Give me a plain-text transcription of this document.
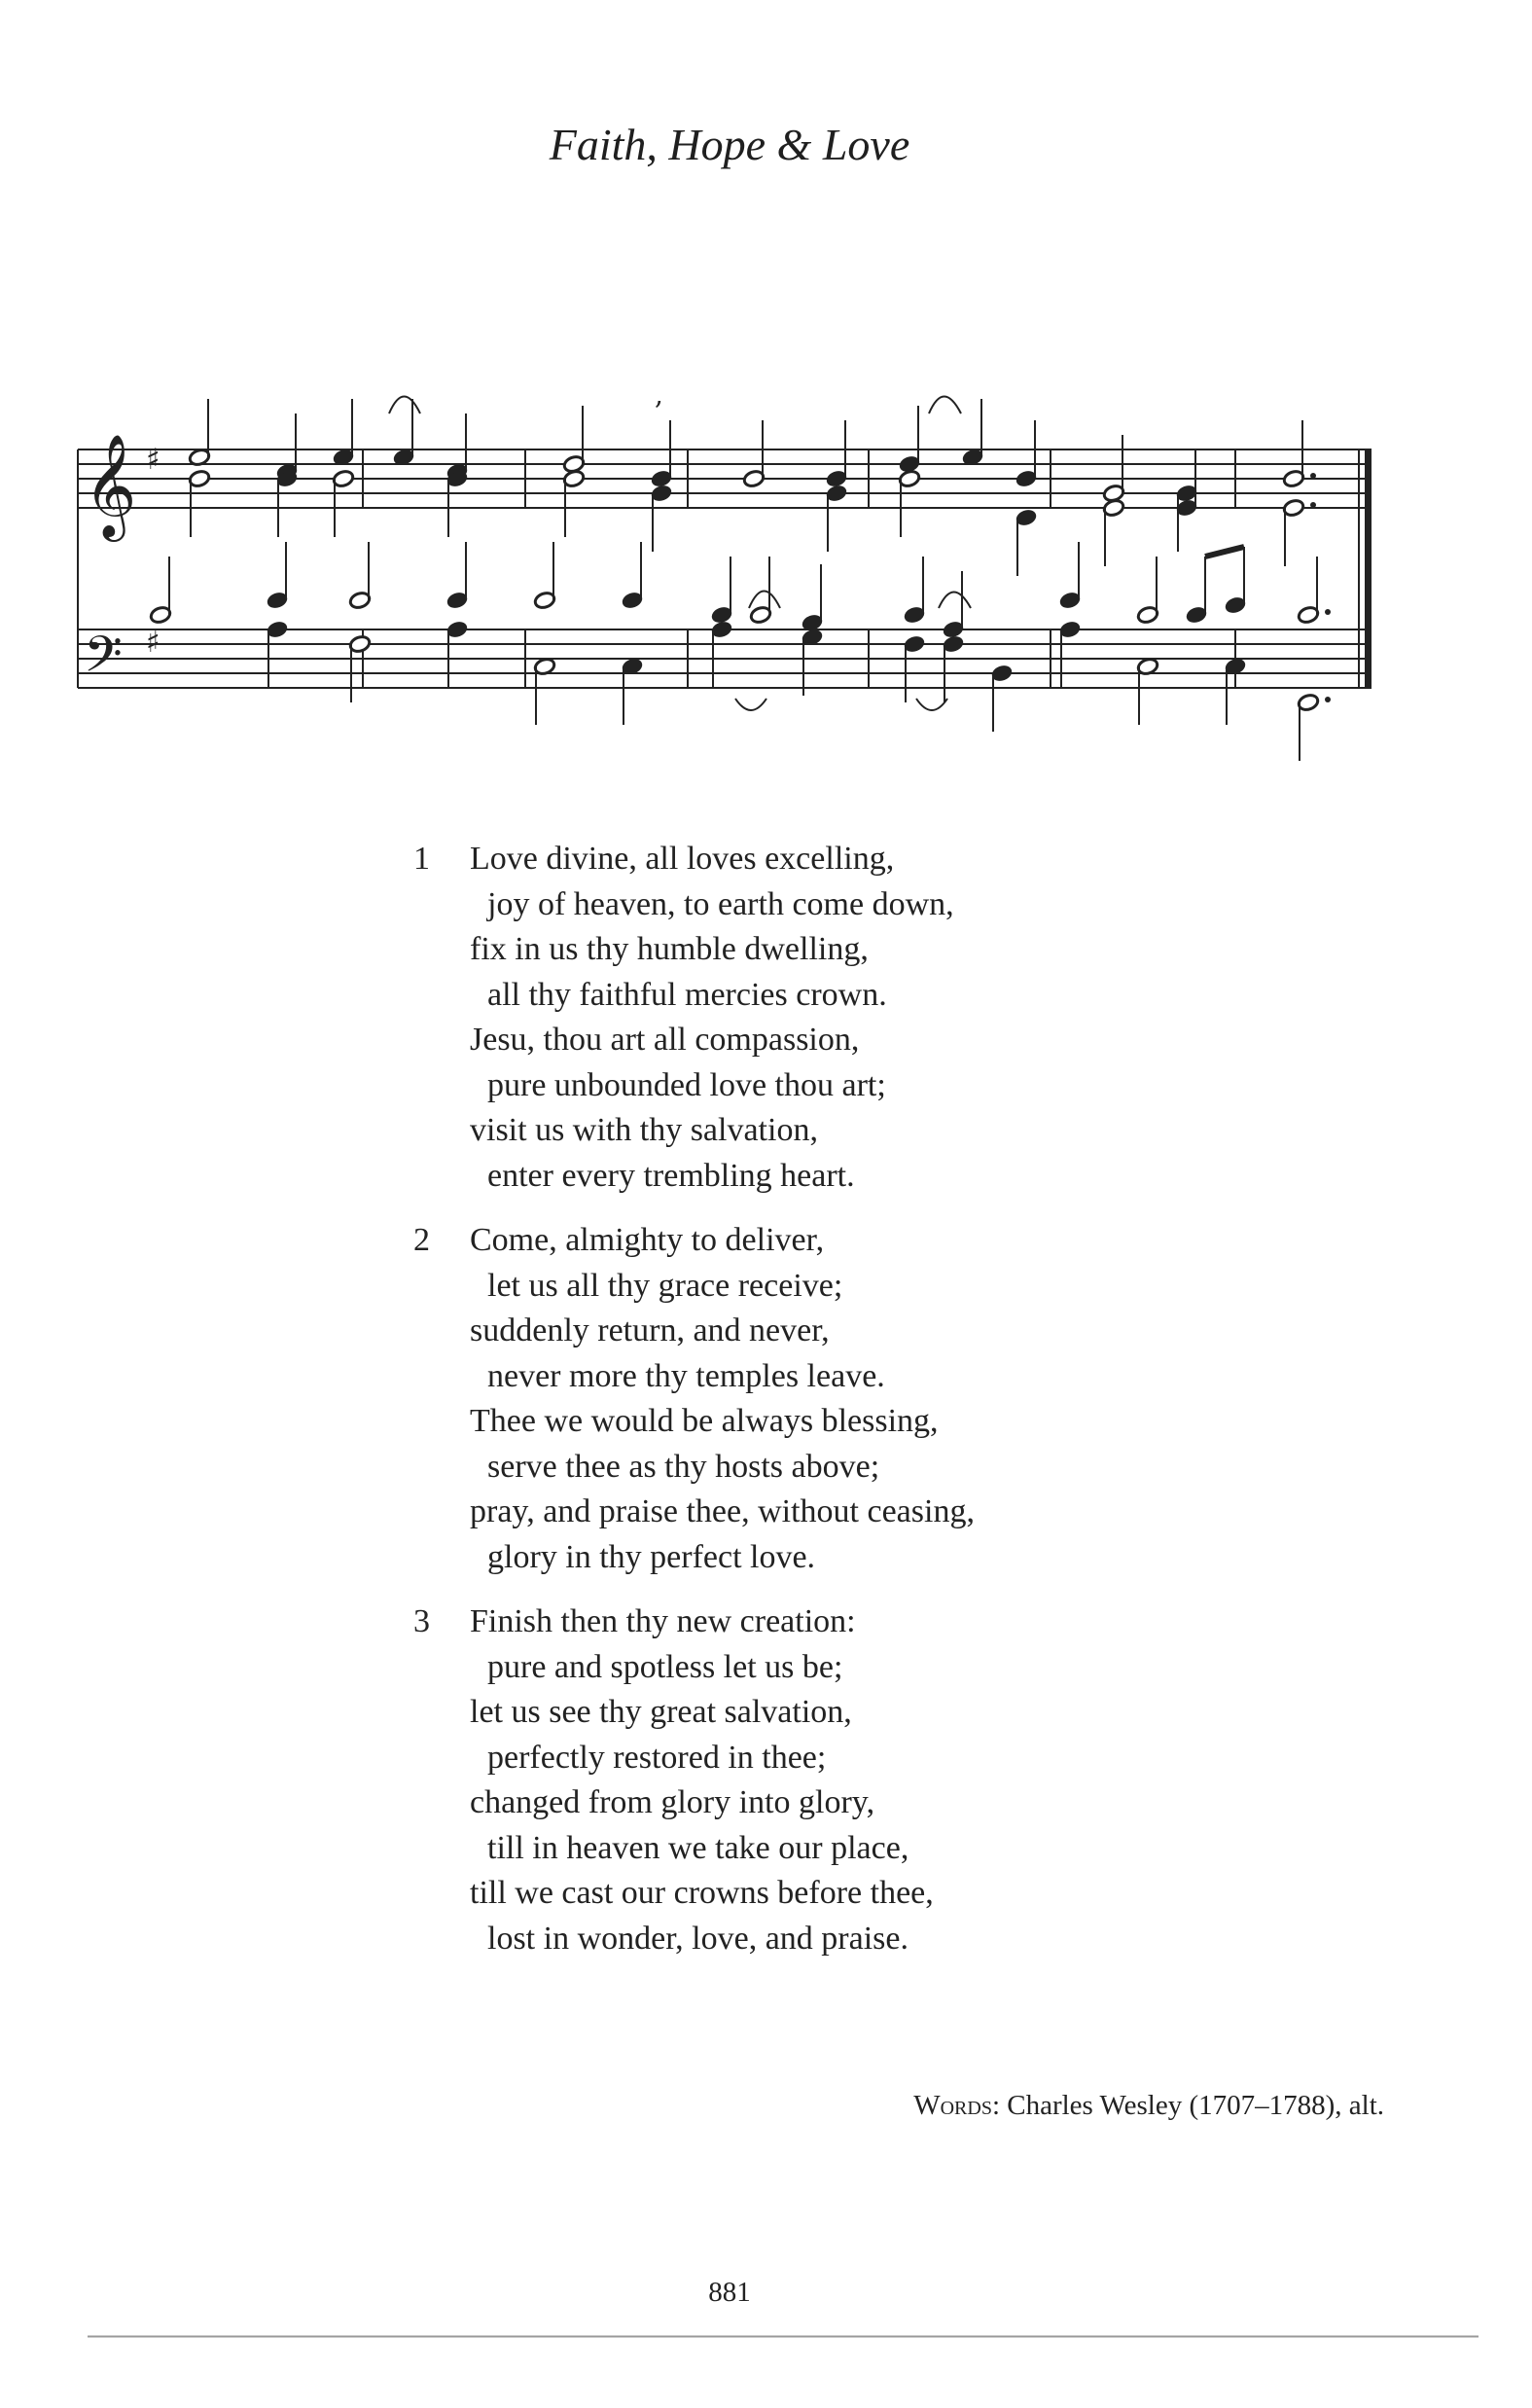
Faith, Hope & Love
𝄞
𝄢
♯
♯
,
1 Love divine, all loves excelling,
joy of heaven, to earth come down,
fix in us thy humble dwelling,
all thy faithful mercies crown.
Jesu, thou art all compassion,
pure unbounded love thou art;
visit us with thy salvation,
enter every trembling heart.
2 Come, almighty to deliver,
let us all thy grace receive;
suddenly return, and never,
never more thy temples leave.
Thee we would be always blessing,
serve thee as thy hosts above;
pray, and praise thee, without ceasing,
glory in thy perfect love.
3 Finish then thy new creation:
pure and spotless let us be;
let us see thy great salvation,
perfectly restored in thee;
changed from glory into glory,
till in heaven we take our place,
till we cast our crowns before thee,
lost in wonder, love, and praise.
Words: Charles Wesley (1707–1788), alt.
881
